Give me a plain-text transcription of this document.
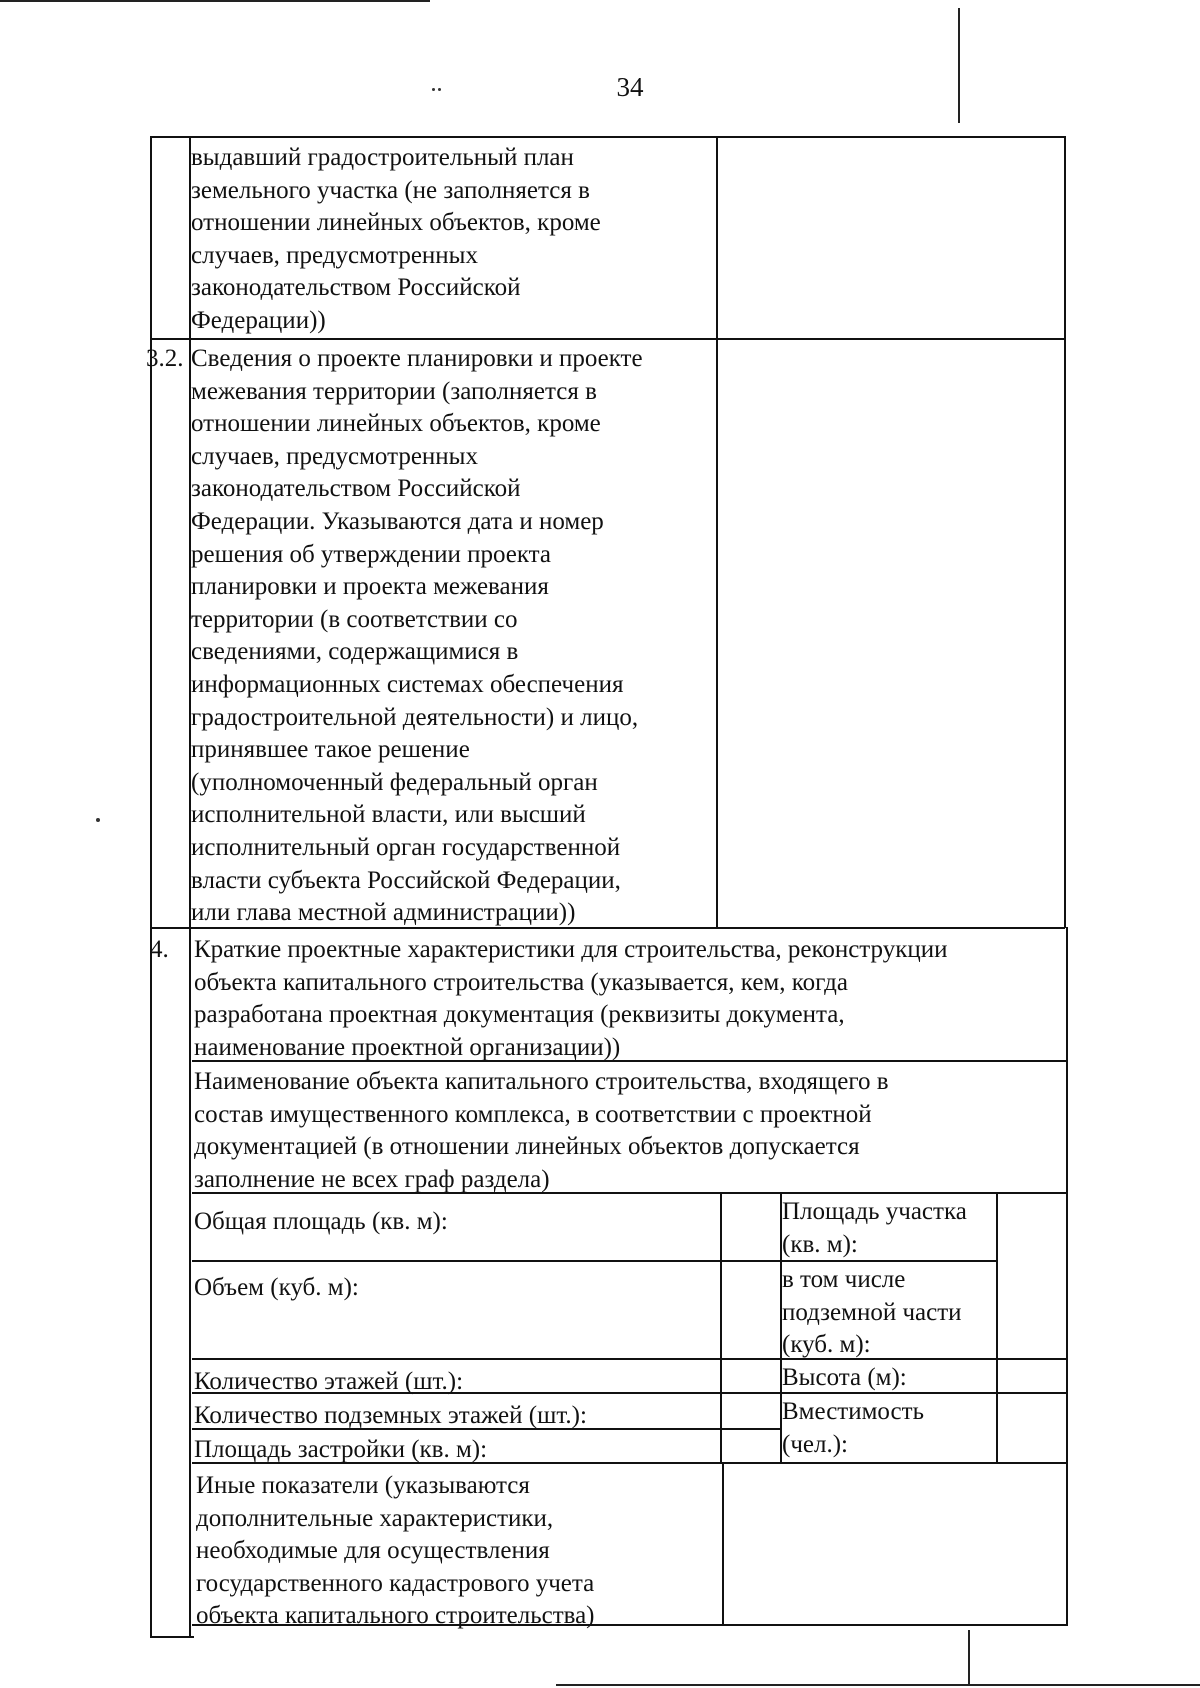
34
выдавший градостроительный план
земельного участка (не заполняется в
отношении линейных объектов, кроме
случаев, предусмотренных
законодательством Российской
Федерации))
3.2. Сведения о проекте планировки и проекте
межевания территории (заполняется в
отношении линейных объектов, кроме
случаев, предусмотренных
законодательством Российской
Федерации. Указываются дата и номер
решения об утверждении проекта
планировки и проекта межевания
территории (в соответствии со
сведениями, содержащимися в
информационных системах обеспечения
градостроительной деятельности) и лицо,
принявшее такое решение
(уполномоченный федеральный орган
исполнительной власти, или высший
исполнительный орган государственной
власти субъекта Российской Федерации,
или глава местной администрации))
4. Краткие проектные характеристики для строительства, реконструкции
объекта капитального строительства (указывается, кем, когда
разработана проектная документация (реквизиты документа,
наименование проектной организации))
Наименование объекта капитального строительства, входящего в
состав имущественного комплекса, в соответствии с проектной
документацией (в отношении линейных объектов допускается
заполнение не всех граф раздела)
Общая площадь (кв. м):	Площадь участка
(кв. м):
Объем (куб. м):	в том числе
подземной части
(куб. м):
Количество этажей (шт.):	Высота (м):
Количество подземных этажей (шт.):	Вместимость
(чел.):
Площадь застройки (кв. м):
Иные показатели (указываются
дополнительные характеристики,
необходимые для осуществления
государственного кадастрового учета
объекта капитального строительства)
